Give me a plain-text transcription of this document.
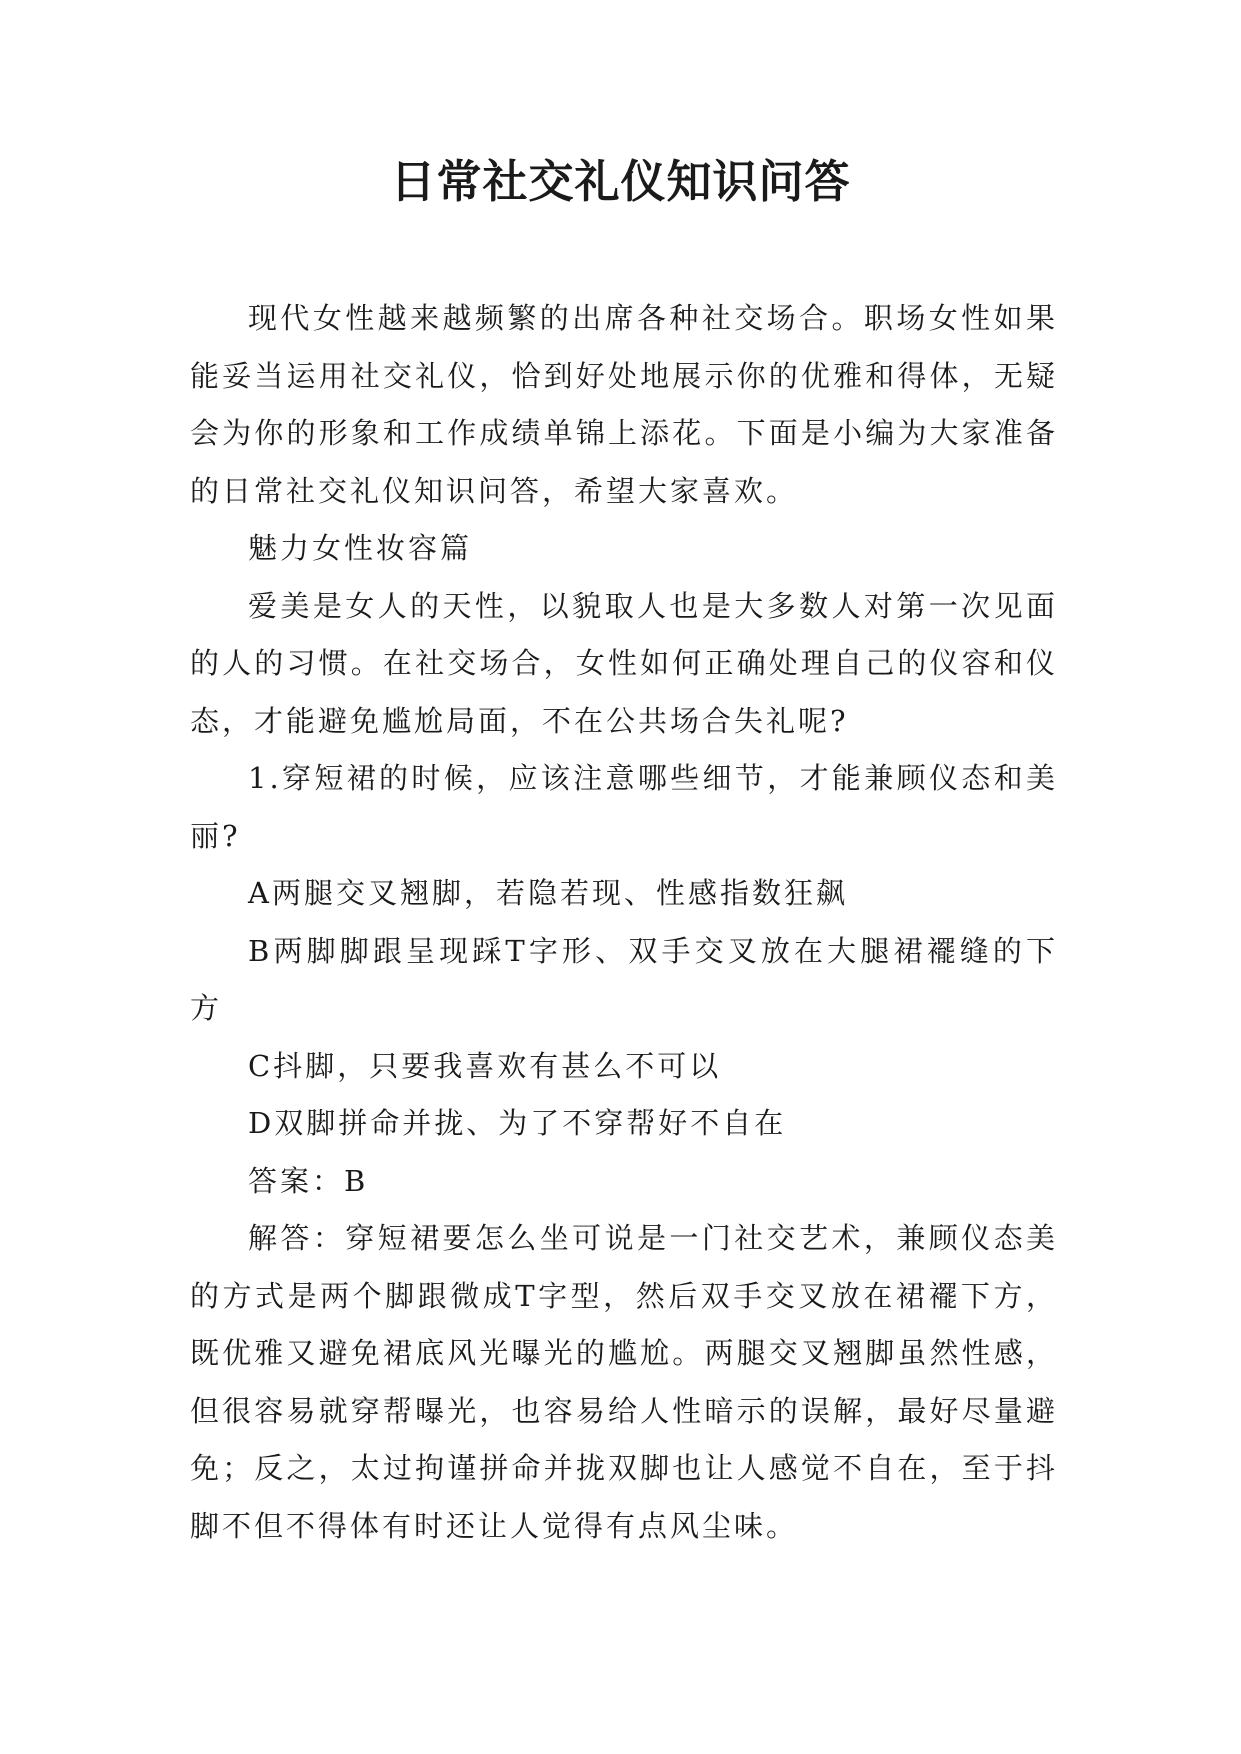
日常社交礼仪知识问答

现代女性越来越频繁的出席各种社交场合。职场女性如果能妥当运用社交礼仪，恰到好处地展示你的优雅和得体，无疑会为你的形象和工作成绩单锦上添花。下面是小编为大家准备的日常社交礼仪知识问答，希望大家喜欢。

魅力女性妆容篇

爱美是女人的天性，以貌取人也是大多数人对第一次见面的人的习惯。在社交场合，女性如何正确处理自己的仪容和仪态，才能避免尴尬局面，不在公共场合失礼呢?

1.穿短裙的时候，应该注意哪些细节，才能兼顾仪态和美丽?

A两腿交叉翘脚，若隐若现、性感指数狂飙

B两脚脚跟呈现踩T字形、双手交叉放在大腿裙襬缝的下方

C抖脚，只要我喜欢有甚么不可以

D双脚拼命并拢、为了不穿帮好不自在

答案：B

解答：穿短裙要怎么坐可说是一门社交艺术，兼顾仪态美的方式是两个脚跟微成T字型，然后双手交叉放在裙襬下方，既优雅又避免裙底风光曝光的尴尬。两腿交叉翘脚虽然性感，但很容易就穿帮曝光，也容易给人性暗示的误解，最好尽量避免；反之，太过拘谨拼命并拢双脚也让人感觉不自在，至于抖脚不但不得体有时还让人觉得有点风尘味。
